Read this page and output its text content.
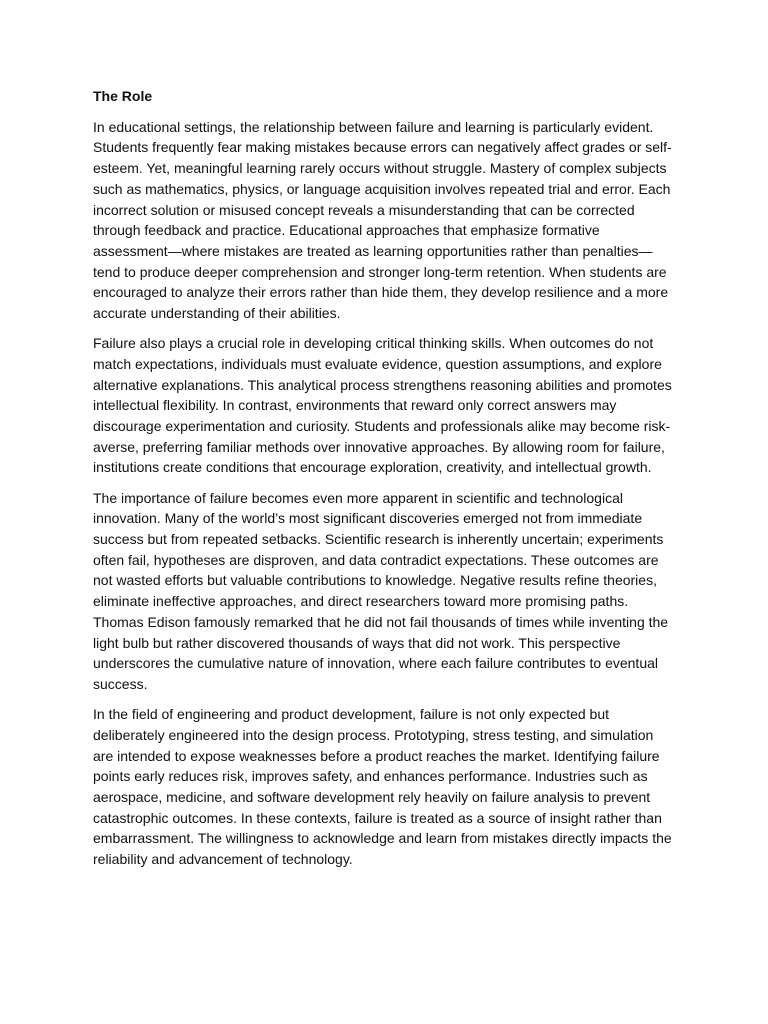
The Role

In educational settings, the relationship between failure and learning is particularly evident. Students frequently fear making mistakes because errors can negatively affect grades or self-esteem. Yet, meaningful learning rarely occurs without struggle. Mastery of complex subjects such as mathematics, physics, or language acquisition involves repeated trial and error. Each incorrect solution or misused concept reveals a misunderstanding that can be corrected through feedback and practice. Educational approaches that emphasize formative assessment—where mistakes are treated as learning opportunities rather than penalties—tend to produce deeper comprehension and stronger long-term retention. When students are encouraged to analyze their errors rather than hide them, they develop resilience and a more accurate understanding of their abilities.

Failure also plays a crucial role in developing critical thinking skills. When outcomes do not match expectations, individuals must evaluate evidence, question assumptions, and explore alternative explanations. This analytical process strengthens reasoning abilities and promotes intellectual flexibility. In contrast, environments that reward only correct answers may discourage experimentation and curiosity. Students and professionals alike may become risk-averse, preferring familiar methods over innovative approaches. By allowing room for failure, institutions create conditions that encourage exploration, creativity, and intellectual growth.

The importance of failure becomes even more apparent in scientific and technological innovation. Many of the world’s most significant discoveries emerged not from immediate success but from repeated setbacks. Scientific research is inherently uncertain; experiments often fail, hypotheses are disproven, and data contradict expectations. These outcomes are not wasted efforts but valuable contributions to knowledge. Negative results refine theories, eliminate ineffective approaches, and direct researchers toward more promising paths. Thomas Edison famously remarked that he did not fail thousands of times while inventing the light bulb but rather discovered thousands of ways that did not work. This perspective underscores the cumulative nature of innovation, where each failure contributes to eventual success.

In the field of engineering and product development, failure is not only expected but deliberately engineered into the design process. Prototyping, stress testing, and simulation are intended to expose weaknesses before a product reaches the market. Identifying failure points early reduces risk, improves safety, and enhances performance. Industries such as aerospace, medicine, and software development rely heavily on failure analysis to prevent catastrophic outcomes. In these contexts, failure is treated as a source of insight rather than embarrassment. The willingness to acknowledge and learn from mistakes directly impacts the reliability and advancement of technology.
